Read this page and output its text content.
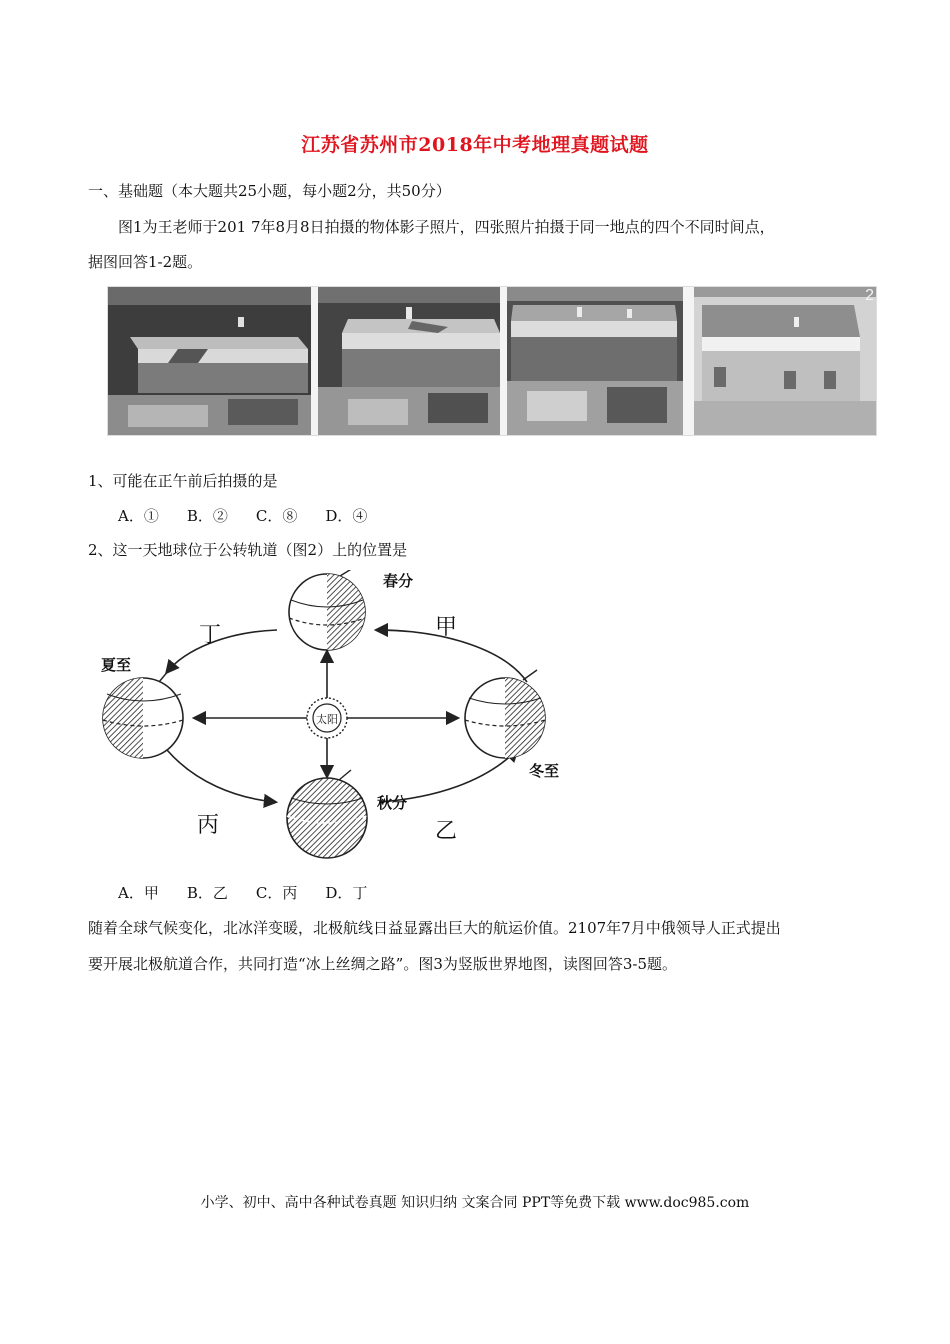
江苏省苏州市2018年中考地理真题试题
一、基础题（本大题共25小题，每小题2分，共50分）
图1为王老师于201 7年8月8日拍摄的物体影子照片，四张照片拍摄于同一地点的四个不同时间点，
据图回答1-2题。
2
1、可能在正午前后拍摄的是
A．① B．② C．⑧ D．④
2、这一天地球位于公转轨道（图2）上的位置是
太阳
春分
夏至
冬至
秋分
甲
丁
丙	乙
A．甲 B．乙 C．丙 D．丁
随着全球气候变化，北冰洋变暖，北极航线日益显露出巨大的航运价值。2107年7月中俄领导人正式提出
要开展北极航道合作，共同打造“冰上丝绸之路”。图3为竖版世界地图，读图回答3-5题。
小学、初中、高中各种试卷真题 知识归纳 文案合同 PPT等免费下载 www.doc985.com
